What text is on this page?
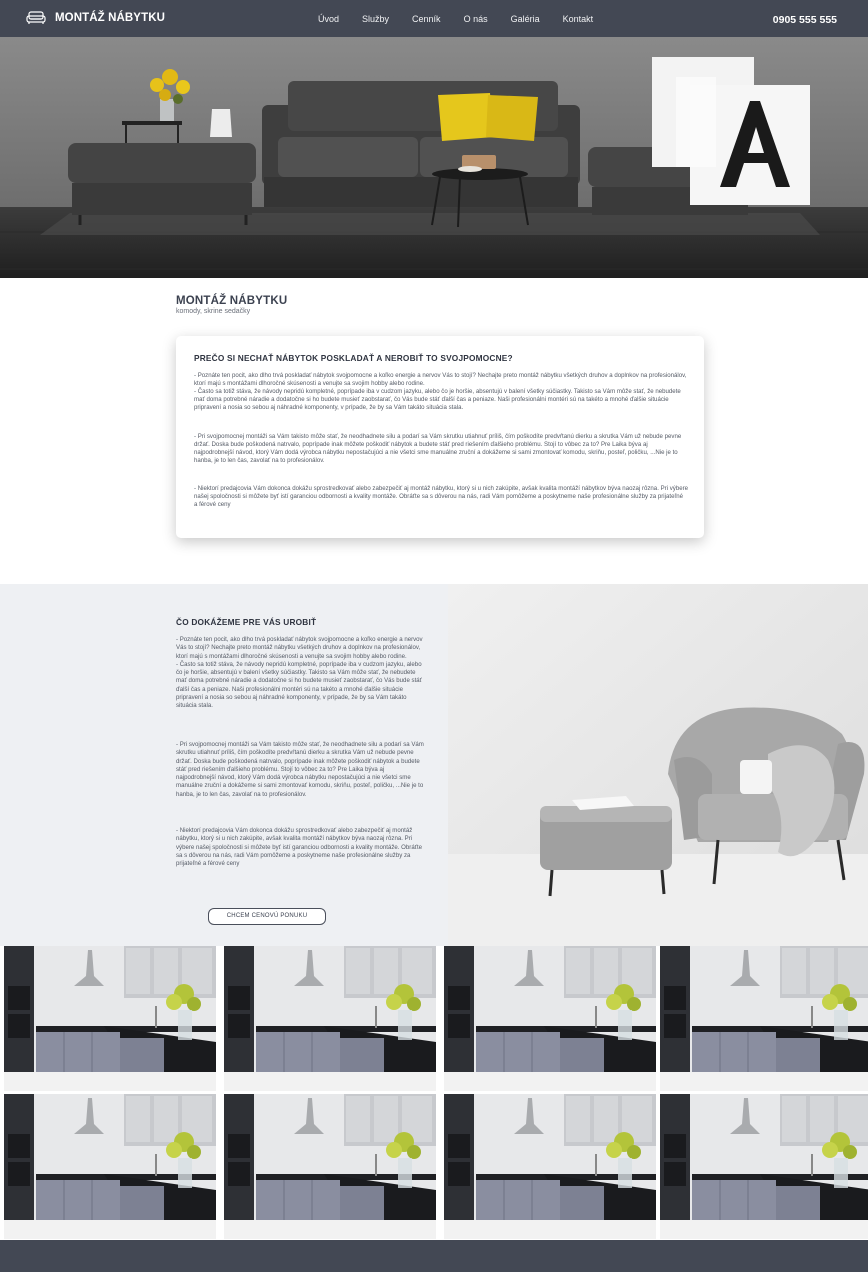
MONTÁŽ NÁBYTKU	Úvod	Služby	Cenník	O nás	Galéria	Kontakt	0905 555 555
MONTÁŽ NÁBYTKU
komody, skrine sedačky
PREČO SI NECHAŤ NÁBYTOK POSKLADAŤ A NEROBIŤ TO SVOJPOMOCNE?
- Poznáte ten pocit, ako dlho trvá poskladať nábytok svojpomocne a koľko energie a nervov Vás to stojí? Nechajte preto montáž nábytku všetkých druhov a doplnkov na profesionálov, ktorí majú s montážami dlhoročné skúsenosti a venujte sa svojim hobby alebo rodine.
- Často sa totiž stáva, že návody nepridú kompletné, poprípade iba v cudzom jazyku, alebo čo je horšie, absentujú v balení všetky súčiastky. Takisto sa Vám môže stať, že nebudete mať doma potrebné náradie a dodatočne si ho budete musieť zaobstarať, čo Vás bude stáť ďalší čas a peniaze. Naši profesionálni montéri sú na takéto a mnohé ďalšie situácie pripravení a nosia so sebou aj náhradné komponenty, v prípade, že by sa Vám takáto situácia stala.
- Pri svojpomocnej montáži sa Vám takisto môže stať, že neodhadnete silu a podarí sa Vám skrutku utiahnuť príliš, čím poškodíte predvŕtanú dierku a skrutka Vám už nebude pevne držať. Doska bude poškodená natrvalo, poprípade inak môžete poškodiť nábytok a budete stáť pred riešením ďalšieho problému. Stojí to vôbec za to? Pre Laika býva aj najpodrobnejší návod, ktorý Vám dodá výrobca nábytku nepostačujúci a nie všetci sme manuálne zruční a dokážeme si sami zmontovať komodu, skriňu, posteľ, poličku, ...Nie je to hanba, je to len čas, zavolať na to profesionálov.
- Niektorí predajcovia Vám dokonca dokážu sprostredkovať alebo zabezpečiť aj montáž nábytku, ktorý si u nich zakúpite, avšak kvalita montáží nábytkov býva naozaj rôzna. Pri výbere našej spoločnosti si môžete byť istí garanciou odbornosti a kvality montáže. Obráťte sa s dôverou na nás, radi Vám pomôžeme a poskytneme naše profesionálne služby za prijateľné a férové ceny
ČO DOKÁŽEME PRE VÁS UROBIŤ
- Poznáte ten pocit, ako dlho trvá poskladať nábytok svojpomocne a koľko energie a nervov Vás to stojí? Nechajte preto montáž nábytku všetkých druhov a doplnkov na profesionálov, ktorí majú s montážami dlhoročné skúsenosti a venujte sa svojim hobby alebo rodine.
- Často sa totiž stáva, že návody nepridú kompletné, poprípade iba v cudzom jazyku, alebo čo je horšie, absentujú v balení všetky súčiastky. Takisto sa Vám môže stať, že nebudete mať doma potrebné náradie a dodatočne si ho budete musieť zaobstarať, čo Vás bude stáť ďalší čas a peniaze. Naši profesionálni montéri sú na takéto a mnohé ďalšie situácie pripravení a nosia so sebou aj náhradné komponenty, v prípade, že by sa Vám takáto situácia stala.
- Pri svojpomocnej montáži sa Vám takisto môže stať, že neodhadnete silu a podarí sa Vám skrutku utiahnuť príliš, čím poškodíte predvŕtanú dierku a skrutka Vám už nebude pevne držať. Doska bude poškodená natrvalo, poprípade inak môžete poškodiť nábytok a budete stáť pred riešením ďalšieho problému. Stojí to vôbec za to? Pre Laika býva aj najpodrobnejší návod, ktorý Vám dodá výrobca nábytku nepostačujúci a nie všetci sme manuálne zruční a dokážeme si sami zmontovať komodu, skriňu, posteľ, poličku, ...Nie je to hanba, je to len čas, zavolať na to profesionálov.
- Niektorí predajcovia Vám dokonca dokážu sprostredkovať alebo zabezpečiť aj montáž nábytku, ktorý si u nich zakúpite, avšak kvalita montáží nábytkov býva naozaj rôzna. Pri výbere našej spoločnosti si môžete byť istí garanciou odbornosti a kvality montáže. Obráťte sa s dôverou na nás, radi Vám pomôžeme a poskytneme naše profesionálne služby za prijateľné a férové ceny
CHCEM CENOVÚ PONUKU
